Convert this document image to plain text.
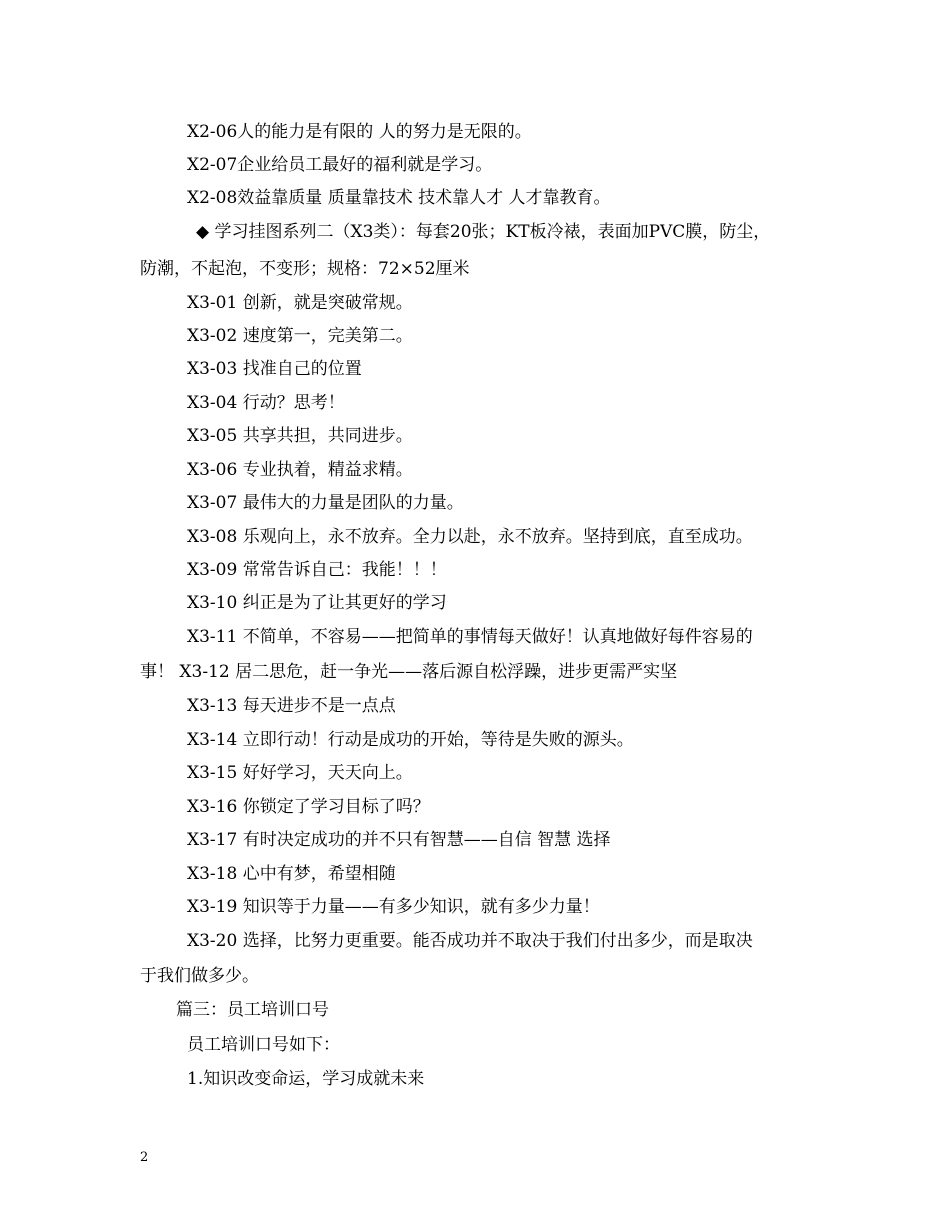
X2-06人的能力是有限的 人的努力是无限的。
X2-07企业给员工最好的福利就是学习。
X2-08效益靠质量 质量靠技术 技术靠人才 人才靠教育。
◆ 学习挂图系列二（X3类）：每套20张；KT板冷裱，表面加PVC膜，防尘，
防潮，不起泡，不变形；规格：72×52厘米
X3-01 创新，就是突破常规。
X3-02 速度第一，完美第二。
X3-03 找准自己的位置
X3-04 行动？思考！
X3-05 共享共担，共同进步。
X3-06 专业执着，精益求精。
X3-07 最伟大的力量是团队的力量。
X3-08 乐观向上，永不放弃。全力以赴，永不放弃。坚持到底，直至成功。
X3-09 常常告诉自己：我能！！！
X3-10 纠正是为了让其更好的学习
X3-11 不简单，不容易——把简单的事情每天做好！认真地做好每件容易的
事！ X3-12 居二思危，赶一争光——落后源自松浮躁，进步更需严实坚
X3-13 每天进步不是一点点
X3-14 立即行动！行动是成功的开始，等待是失败的源头。
X3-15 好好学习，天天向上。
X3-16 你锁定了学习目标了吗？
X3-17 有时决定成功的并不只有智慧——自信 智慧 选择
X3-18 心中有梦，希望相随
X3-19 知识等于力量——有多少知识，就有多少力量！
X3-20 选择，比努力更重要。能否成功并不取决于我们付出多少，而是取决
于我们做多少。
篇三：员工培训口号
员工培训口号如下：
1.知识改变命运，学习成就未来
2
